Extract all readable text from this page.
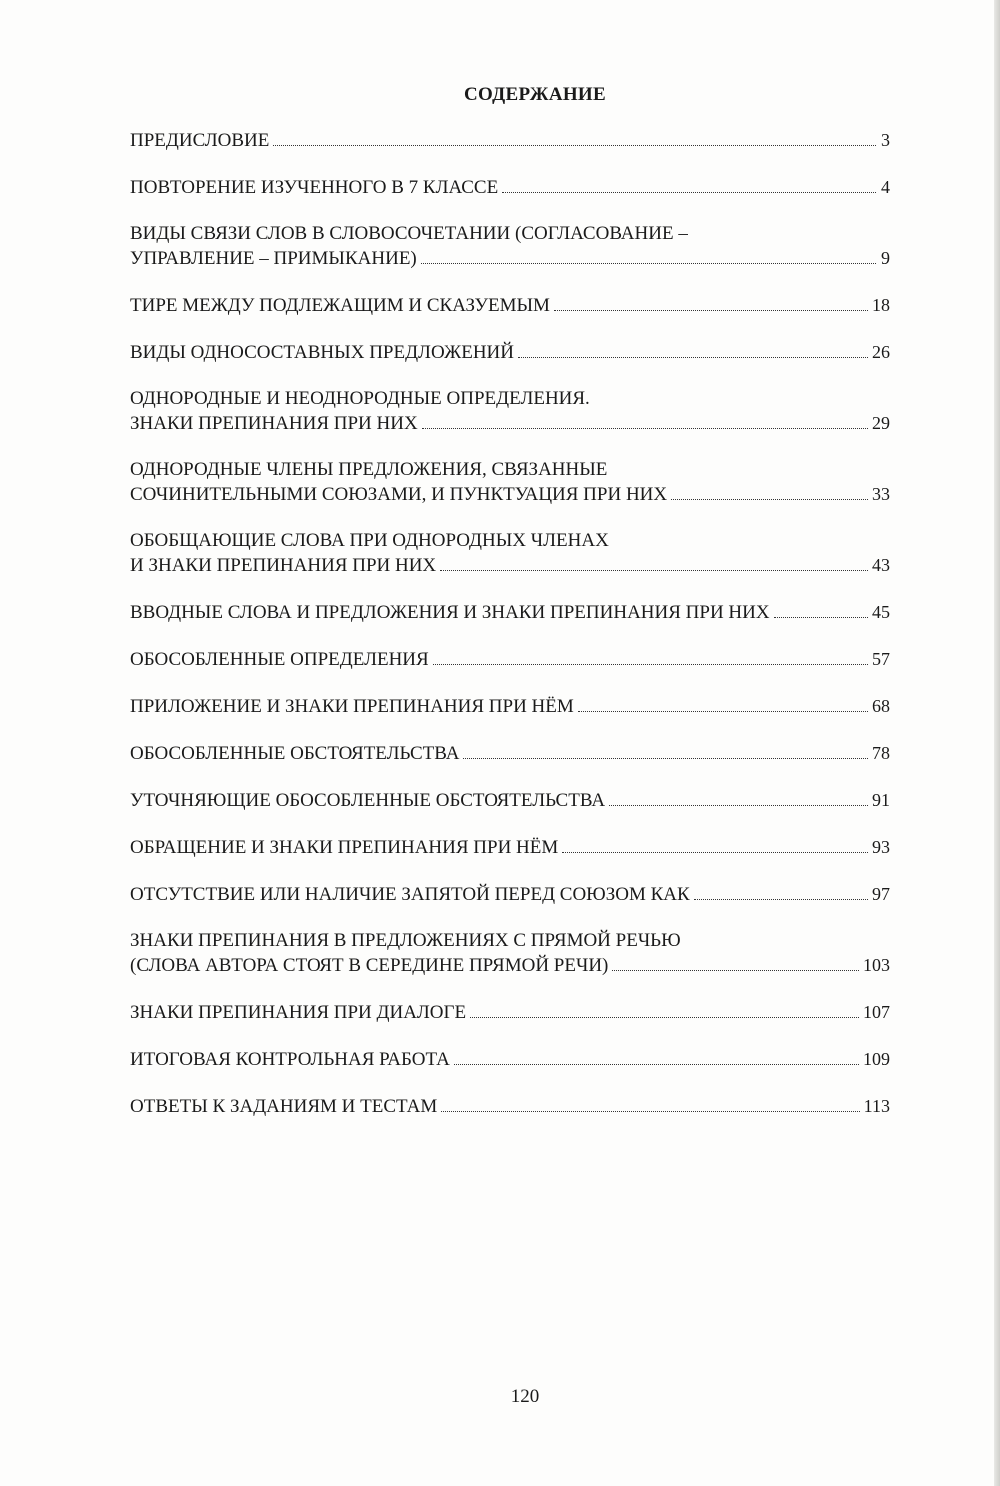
СОДЕРЖАНИЕ
ПРЕДИСЛОВИЕ	3
ПОВТОРЕНИЕ ИЗУЧЕННОГО В 7 КЛАССЕ	4
ВИДЫ СВЯЗИ СЛОВ В СЛОВОСОЧЕТАНИИ (СОГЛАСОВАНИЕ –
УПРАВЛЕНИЕ – ПРИМЫКАНИЕ)	9
ТИРЕ МЕЖДУ ПОДЛЕЖАЩИМ И СКАЗУЕМЫМ	18
ВИДЫ ОДНОСОСТАВНЫХ ПРЕДЛОЖЕНИЙ	26
ОДНОРОДНЫЕ И НЕОДНОРОДНЫЕ ОПРЕДЕЛЕНИЯ.
ЗНАКИ ПРЕПИНАНИЯ ПРИ НИХ	29
ОДНОРОДНЫЕ ЧЛЕНЫ ПРЕДЛОЖЕНИЯ, СВЯЗАННЫЕ
СОЧИНИТЕЛЬНЫМИ СОЮЗАМИ, И ПУНКТУАЦИЯ ПРИ НИХ	33
ОБОБЩАЮЩИЕ СЛОВА ПРИ ОДНОРОДНЫХ ЧЛЕНАХ
И ЗНАКИ ПРЕПИНАНИЯ ПРИ НИХ	43
ВВОДНЫЕ СЛОВА И ПРЕДЛОЖЕНИЯ И ЗНАКИ ПРЕПИНАНИЯ ПРИ НИХ	45
ОБОСОБЛЕННЫЕ ОПРЕДЕЛЕНИЯ	57
ПРИЛОЖЕНИЕ И ЗНАКИ ПРЕПИНАНИЯ ПРИ НЁМ	68
ОБОСОБЛЕННЫЕ ОБСТОЯТЕЛЬСТВА	78
УТОЧНЯЮЩИЕ ОБОСОБЛЕННЫЕ ОБСТОЯТЕЛЬСТВА	91
ОБРАЩЕНИЕ И ЗНАКИ ПРЕПИНАНИЯ ПРИ НЁМ	93
ОТСУТСТВИЕ ИЛИ НАЛИЧИЕ ЗАПЯТОЙ ПЕРЕД СОЮЗОМ КАК	97
ЗНАКИ ПРЕПИНАНИЯ В ПРЕДЛОЖЕНИЯХ С ПРЯМОЙ РЕЧЬЮ
(СЛОВА АВТОРА СТОЯТ В СЕРЕДИНЕ ПРЯМОЙ РЕЧИ)	103
ЗНАКИ ПРЕПИНАНИЯ ПРИ ДИАЛОГЕ	107
ИТОГОВАЯ КОНТРОЛЬНАЯ РАБОТА	109
ОТВЕТЫ К ЗАДАНИЯМ И ТЕСТАМ	113
120
